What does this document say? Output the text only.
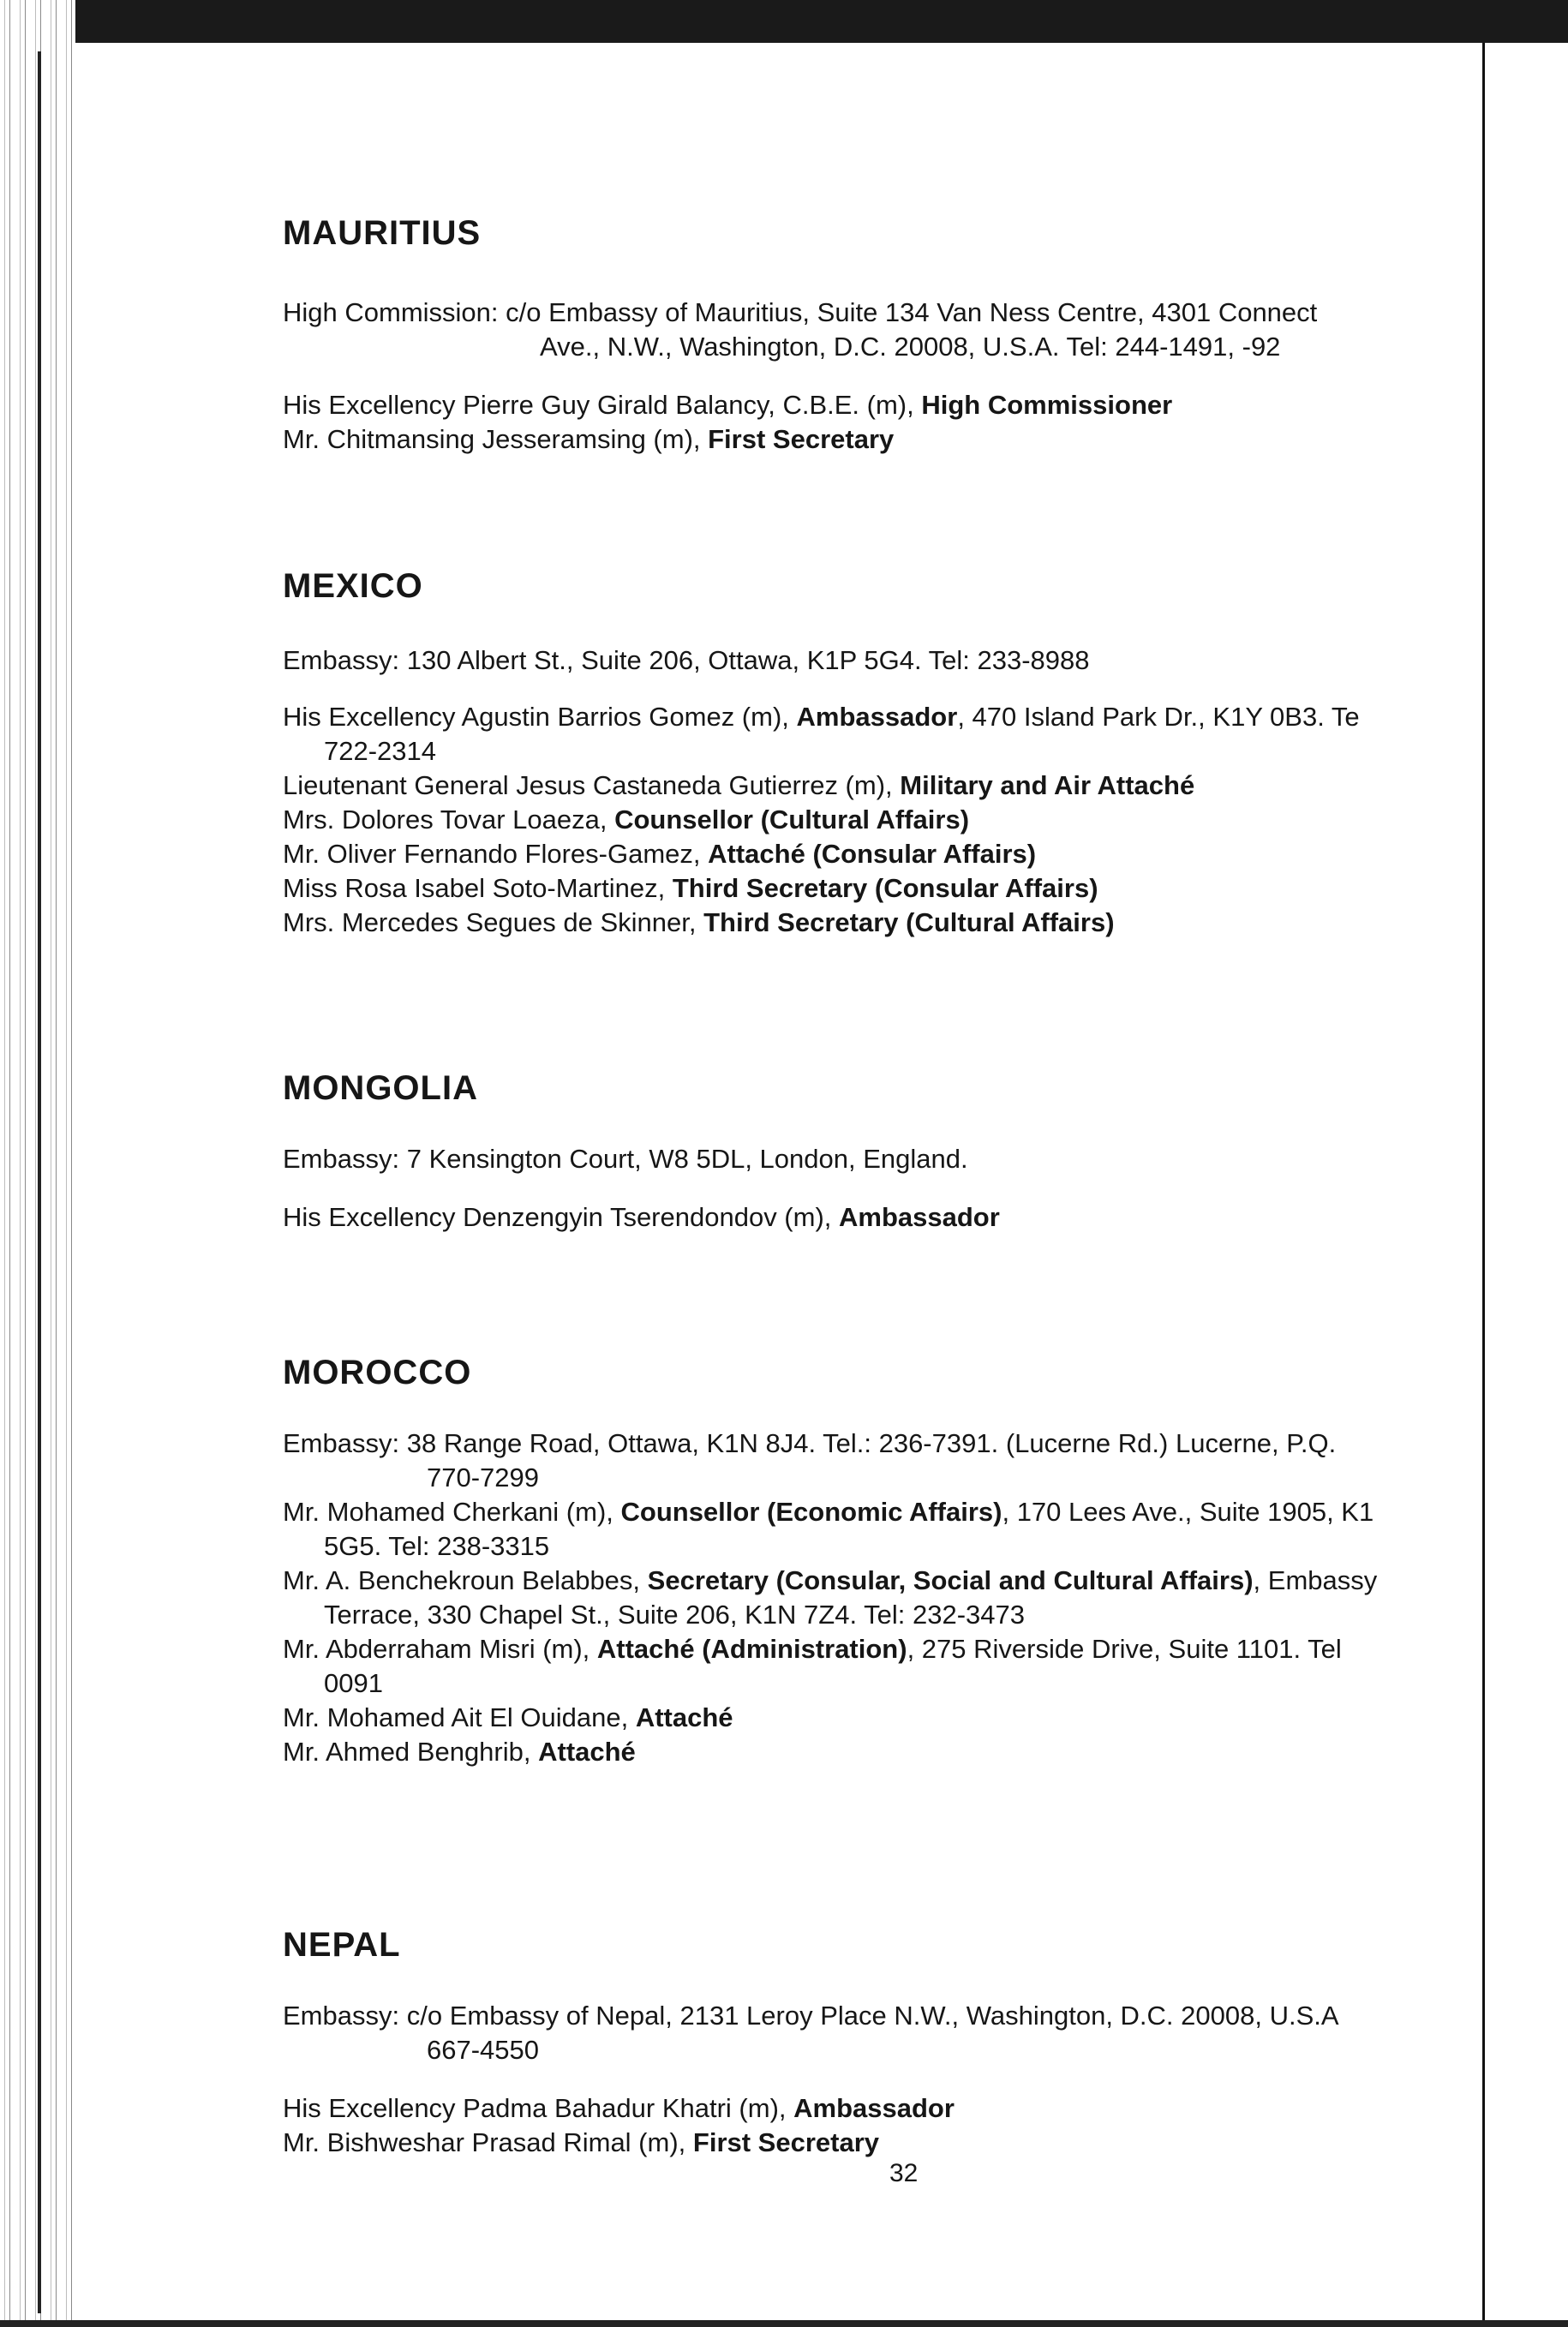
MAURITIUS
High Commission: c/o Embassy of Mauritius, Suite 134 Van Ness Centre, 4301 Connect
Ave., N.W., Washington, D.C. 20008, U.S.A. Tel: 244-1491, -92
His Excellency Pierre Guy Girald Balancy, C.B.E. (m), High Commissioner
Mr. Chitmansing Jesseramsing (m), First Secretary
MEXICO
Embassy: 130 Albert St., Suite 206, Ottawa, K1P 5G4. Tel: 233-8988
His Excellency Agustin Barrios Gomez (m), Ambassador, 470 Island Park Dr., K1Y 0B3. Te
722-2314
Lieutenant General Jesus Castaneda Gutierrez (m), Military and Air Attaché
Mrs. Dolores Tovar Loaeza, Counsellor (Cultural Affairs)
Mr. Oliver Fernando Flores-Gamez, Attaché (Consular Affairs)
Miss Rosa Isabel Soto-Martinez, Third Secretary (Consular Affairs)
Mrs. Mercedes Segues de Skinner, Third Secretary (Cultural Affairs)
MONGOLIA
Embassy: 7 Kensington Court, W8 5DL, London, England.
His Excellency Denzengyin Tserendondov (m), Ambassador
MOROCCO
Embassy: 38 Range Road, Ottawa, K1N 8J4. Tel.: 236-7391. (Lucerne Rd.) Lucerne, P.Q.
770-7299
Mr. Mohamed Cherkani (m), Counsellor (Economic Affairs), 170 Lees Ave., Suite 1905, K1
5G5. Tel: 238-3315
Mr. A. Benchekroun Belabbes, Secretary (Consular, Social and Cultural Affairs), Embassy
Terrace, 330 Chapel St., Suite 206, K1N 7Z4. Tel: 232-3473
Mr. Abderraham Misri (m), Attaché (Administration), 275 Riverside Drive, Suite 1101. Tel
0091
Mr. Mohamed Ait El Ouidane, Attaché
Mr. Ahmed Benghrib, Attaché
NEPAL
Embassy: c/o Embassy of Nepal, 2131 Leroy Place N.W., Washington, D.C. 20008, U.S.A
667-4550
His Excellency Padma Bahadur Khatri (m), Ambassador
Mr. Bishweshar Prasad Rimal (m), First Secretary
32
